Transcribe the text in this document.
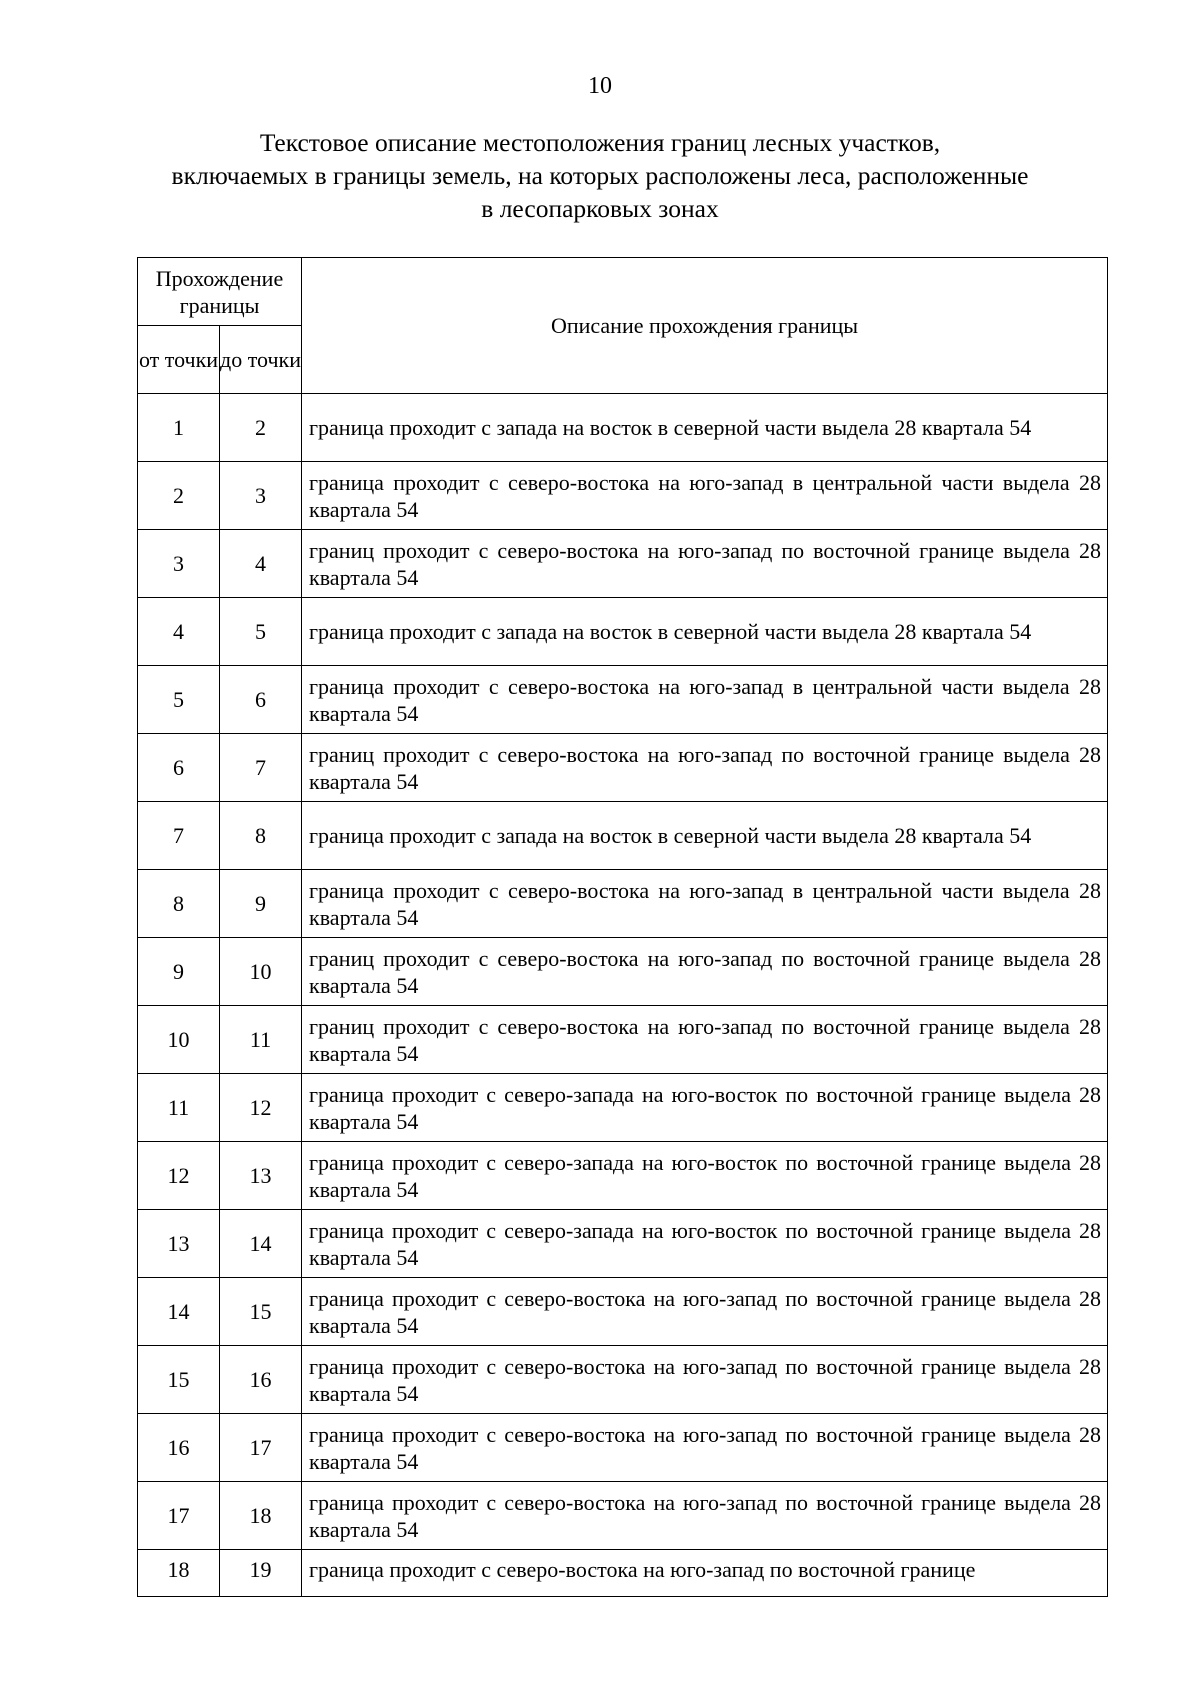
10
Текстовое описание местоположения границ лесных участков,
включаемых в границы земель, на которых расположены леса, расположенные
в лесопарковых зонах
Прохождение границы		Описание прохождения границы
от точки	до точки	
1	2	граница проходит с запада на восток в северной части выдела 28 квартала 54
2	3	граница проходит с северо-востока на юго-запад в центральной части выдела 28 квартала 54
3	4	границ проходит с северо-востока на юго-запад по восточной границе выдела 28 квартала 54
4	5	граница проходит с запада на восток в северной части выдела 28 квартала 54
5	6	граница проходит с северо-востока на юго-запад в центральной части выдела 28 квартала 54
6	7	границ проходит с северо-востока на юго-запад по восточной границе выдела 28 квартала 54
7	8	граница проходит с запада на восток в северной части выдела 28 квартала 54
8	9	граница проходит с северо-востока на юго-запад в центральной части выдела 28 квартала 54
9	10	границ проходит с северо-востока на юго-запад по восточной границе выдела 28 квартала 54
10	11	границ проходит с северо-востока на юго-запад по восточной границе выдела 28 квартала 54
11	12	граница проходит с северо-запада на юго-восток по восточной границе выдела 28 квартала 54
12	13	граница проходит с северо-запада на юго-восток по восточной границе выдела 28 квартала 54
13	14	граница проходит с северо-запада на юго-восток по восточной границе выдела 28 квартала 54
14	15	граница проходит с северо-востока на юго-запад по восточной границе выдела 28 квартала 54
15	16	граница проходит с северо-востока на юго-запад по восточной границе выдела 28 квартала 54
16	17	граница проходит с северо-востока на юго-запад по восточной границе выдела 28 квартала 54
17	18	граница проходит с северо-востока на юго-запад по восточной границе выдела 28 квартала 54
18	19	граница проходит с северо-востока на юго-запад по восточной границе
